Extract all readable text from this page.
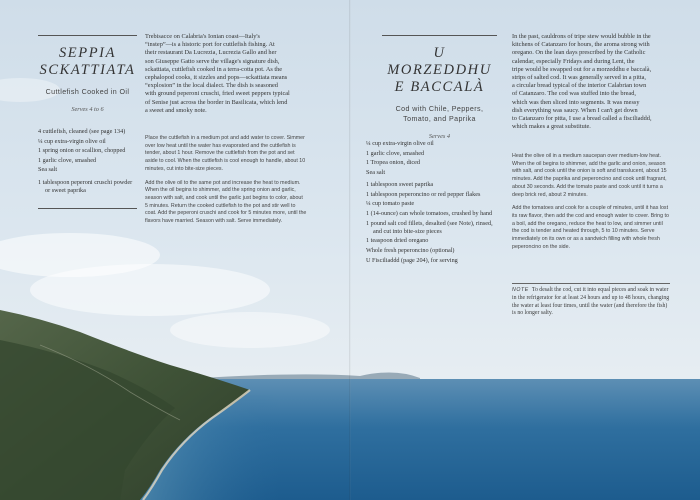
SEPPIA SCKATTIATA
Cuttlefish Cooked in Oil
Serves 4 to 6
4 cuttlefish, cleaned (see page 134)
¼ cup extra-virgin olive oil
1 spring onion or scallion, chopped
1 garlic clove, smashed
Sea salt
1 tablespoon peperoni cruschi powder or sweet paprika

Trebisacce on Calabria's Ionian coast—Italy's

“instep”—is a historic port for cuttlefish fishing. At

their restaurant Da Lucrezia, Lucrezia Gallo and her

son Giuseppe Gatto serve the village's signature dish,

sckattiata, cuttlefish cooked in a terra-cotta pot. As the

cephalopod cooks, it sizzles and pops—sckattiata means

“explosion” in the local dialect. The dish is seasoned

with ground peperoni cruschi, fried sweet peppers typical

of Senise just across the border in Basilicata, which lend

a sweet and smoky note.

Place the cuttlefish in a medium pot and add water to cover. Simmer over low heat until the water has evaporated and the cuttlefish is tender, about 1 hour. Remove the cuttlefish from the pot and set aside to cool. When the cuttlefish is cool enough to handle, about 10 minutes, cut into bite-size pieces.

Add the olive oil to the same pot and increase the heat to medium. When the oil begins to shimmer, add the spring onion and garlic, season with salt, and cook until the garlic just begins to color, about 5 minutes. Return the cooked cuttlefish to the pot and stir well to coat. Add the peperoni cruschi and cook for 5 minutes more, until the flavors have married. Season with salt. Serve immediately.

U MORZEDDHU E BACCALÀ
Cod with Chile, Peppers, Tomato, and Paprika
Serves 4
¼ cup extra-virgin olive oil
1 garlic clove, smashed
1 Tropea onion, diced
Sea salt
1 tablespoon sweet paprika
1 tablespoon peperoncino or red pepper flakes
¼ cup tomato paste
1 (14-ounce) can whole tomatoes, crushed by hand
1 pound salt cod fillets, desalted (see Note), rinsed, and cut into bite-size pieces
1 teaspoon dried oregano
Whole fresh peperoncino (optional)
U Fisciliaddd (page 204), for serving

In the past, cauldrons of tripe stew would bubble in the

kitchens of Catanzaro for hours, the aroma strong with

oregano. On the lean days prescribed by the Catholic

calendar, especially Fridays and during Lent, the

tripe would be swapped out for a morzeddhu e baccalà,

strips of salted cod. It was generally served in a pitta,

a circular bread typical of the interior Calabrian town

of Catanzaro. The cod was stuffed into the bread,

which was then sliced into segments. It was messy

dish everything was saucy. When I can't get down

to Catanzaro for pitta, I use a bread called a fisciliaddd,

which makes a great substitute.

Heat the olive oil in a medium saucepan over medium-low heat. When the oil begins to shimmer, add the garlic and onion, season with salt, and cook until the onion is soft and translucent, about 15 minutes. Add the paprika and peperoncino and cook until fragrant, about 30 seconds. Add the tomato paste and cook until it turns a deep brick red, about 2 minutes.

Add the tomatoes and cook for a couple of minutes, until it has lost its raw flavor, then add the cod and enough water to cover. Bring to a boil, add the oregano, reduce the heat to low, and simmer until the cod is tender and heated through, 5 to 10 minutes. Serve immediately on its own or as a sandwich filling with whole fresh peperoncino on the side.

NOTE To desalt the cod, cut it into equal pieces and soak in water in the refrigerator for at least 24 hours and up to 48 hours, changing the water at least four times, until the water (and therefore the fish) is no longer salty.
